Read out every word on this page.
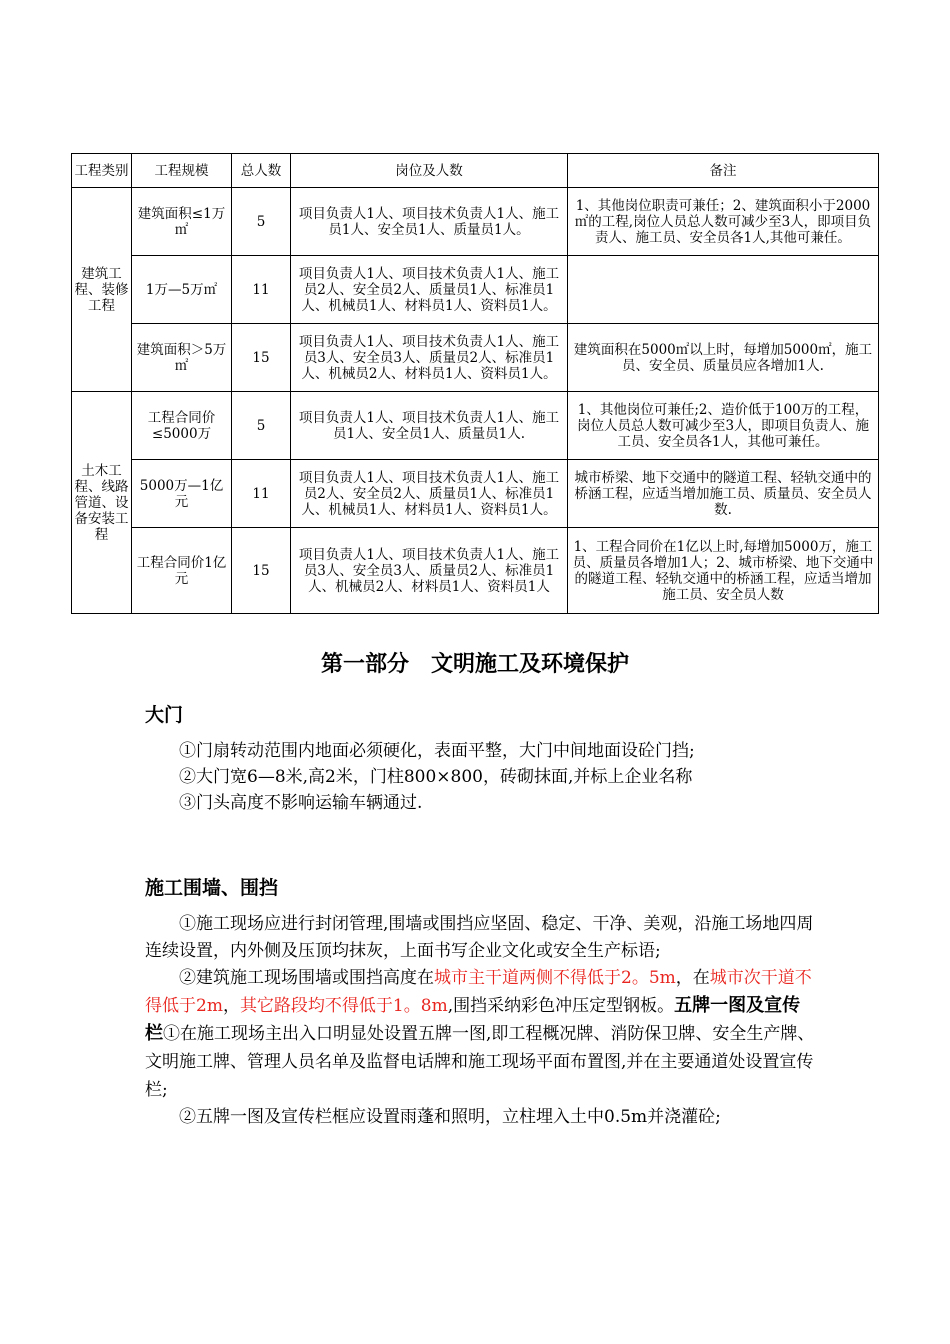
工程类别	工程规模	总人数	岗位及人数	备注
建筑工程、装修工程	建筑面积≤1万㎡	5	项目负责人1人、项目技术负责人1人、施工员1人、安全员1人、质量员1人。	1、其他岗位职责可兼任；2、建筑面积小于2000㎡的工程,岗位人员总人数可减少至3人，即项目负责人、施工员、安全员各1人,其他可兼任。
	1万—5万㎡	11	项目负责人1人、项目技术负责人1人、施工员2人、安全员2人、质量员1人、标准员1人、机械员1人、材料员1人、资料员1人。	
	建筑面积＞5万㎡	15	项目负责人1人、项目技术负责人1人、施工员3人、安全员3人、质量员2人、标准员1人、机械员2人、材料员1人、资料员1人。	建筑面积在5000㎡以上时，每增加5000㎡，施工员、安全员、质量员应各增加1人.
土木工程、线路管道、设备安装工程	工程合同价≤5000万	5	项目负责人1人、项目技术负责人1人、施工员1人、安全员1人、质量员1人.	1、其他岗位可兼任;2、造价低于100万的工程，岗位人员总人数可减少至3人，即项目负责人、施工员、安全员各1人，其他可兼任。
	5000万—1亿元	11	项目负责人1人、项目技术负责人1人、施工员2人、安全员2人、质量员1人、标准员1人、机械员1人、材料员1人、资料员1人。	城市桥梁、地下交通中的隧道工程、轻轨交通中的桥涵工程，应适当增加施工员、质量员、安全员人数.
	工程合同价1亿元	15	项目负责人1人、项目技术负责人1人、施工员3人、安全员3人、质量员2人、标准员1人、机械员2人、材料员1人、资料员1人	1、工程合同价在1亿以上时,每增加5000万，施工员、质量员各增加1人；2、城市桥梁、地下交通中的隧道工程、轻轨交通中的桥涵工程，应适当增加施工员、安全员人数
第一部分　文明施工及环境保护
大门

①门扇转动范围内地面必须硬化，表面平整，大门中间地面设砼门挡;

②大门宽6—8米,高2米，门柱800×800，砖砌抹面,并标上企业名称

③门头高度不影响运输车辆通过.

施工围墙、围挡

①施工现场应进行封闭管理,围墙或围挡应坚固、稳定、干净、美观，沿施工场地四周连续设置，内外侧及压顶均抹灰，上面书写企业文化或安全生产标语;

②建筑施工现场围墙或围挡高度在城市主干道两侧不得低于2。5m，在城市次干道不得低于2m，其它路段均不得低于1。8m,围挡采纳彩色冲压定型钢板。五牌一图及宣传栏①在施工现场主出入口明显处设置五牌一图,即工程概况牌、消防保卫牌、安全生产牌、文明施工牌、管理人员名单及监督电话牌和施工现场平面布置图,并在主要通道处设置宣传栏;

②五牌一图及宣传栏框应设置雨蓬和照明，立柱埋入土中0.5m并浇灌砼;
